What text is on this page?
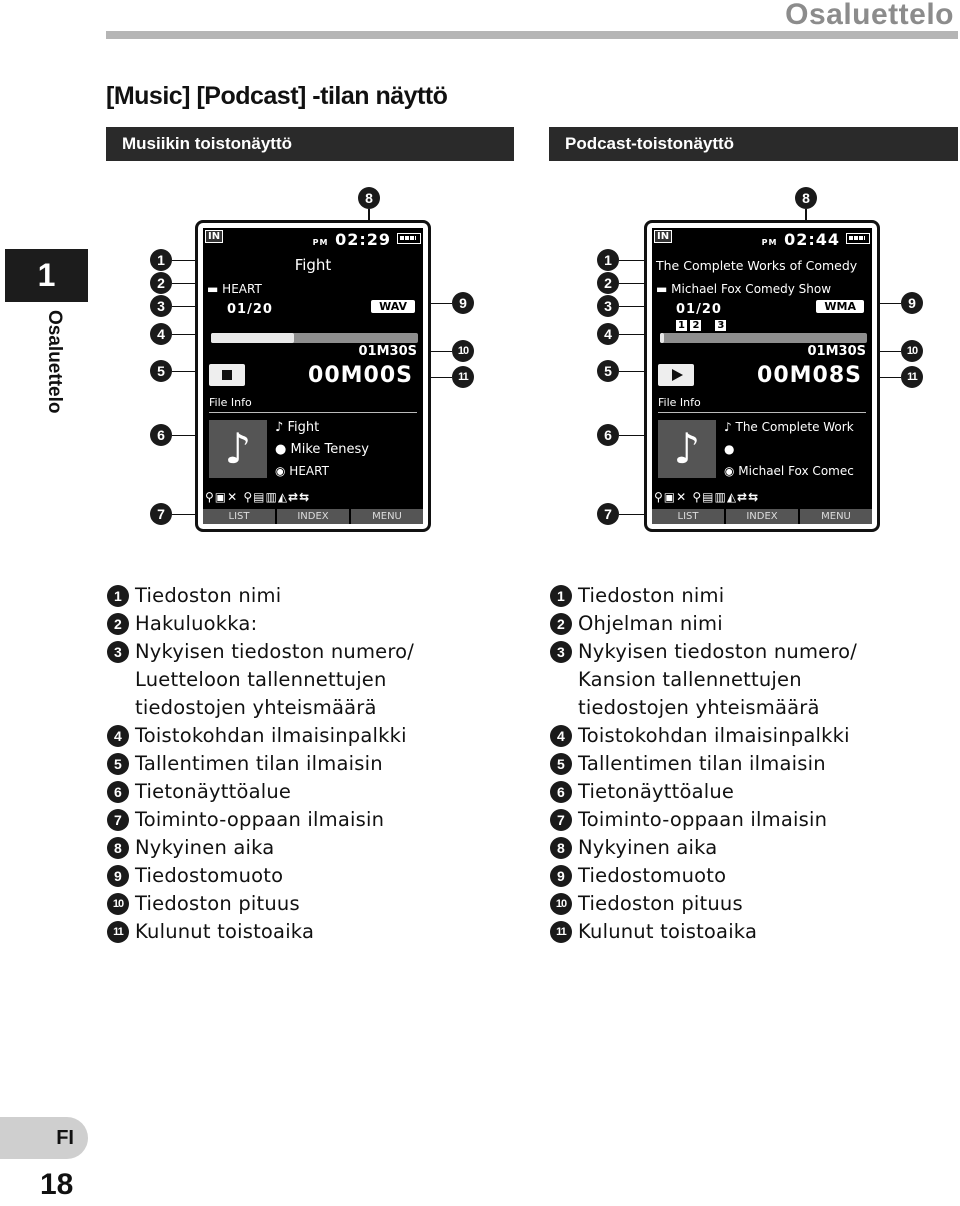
Osaluettelo
[Music] [Podcast] -tilan näyttö
Musiikin toistonäyttö	Podcast-toistonäyttö
1
Osaluettelo
8
1
2
3
4
5
6
7
9
10
11
IN
PM 02:29
Fight
▬ HEART
01/20	WAV
01M30S
00M00S
File Info
♪	♪ Fight
● Mike Tenesy
◉ HEART
⚲▣✕ ⚲▤▥◭⇄⇆
LIST	INDEX	MENU
8
1
2
3
4
5
6
7
9
10
11
IN
PM 02:44
The Complete Works of Comedy
▬ Michael Fox Comedy Show
01/20	WMA
1 2 3
01M30S
00M08S
File Info
♪	♪ The Complete Work
●
◉ Michael Fox Comec
⚲▣✕ ⚲▤▥◭⇄⇆
LIST	INDEX	MENU
1 Tiedoston nimi
2 Hakuluokka:
3 Nykyisen tiedoston numero/
Luetteloon tallennettujen
tiedostojen yhteismäärä
4 Toistokohdan ilmaisinpalkki
5 Tallentimen tilan ilmaisin
6 Tietonäyttöalue
7 Toiminto-oppaan ilmaisin
8 Nykyinen aika
9 Tiedostomuoto
10 Tiedoston pituus
11 Kulunut toistoaika
1 Tiedoston nimi
2 Ohjelman nimi
3 Nykyisen tiedoston numero/
Kansion tallennettujen
tiedostojen yhteismäärä
4 Toistokohdan ilmaisinpalkki
5 Tallentimen tilan ilmaisin
6 Tietonäyttöalue
7 Toiminto-oppaan ilmaisin
8 Nykyinen aika
9 Tiedostomuoto
10 Tiedoston pituus
11 Kulunut toistoaika
FI
18
